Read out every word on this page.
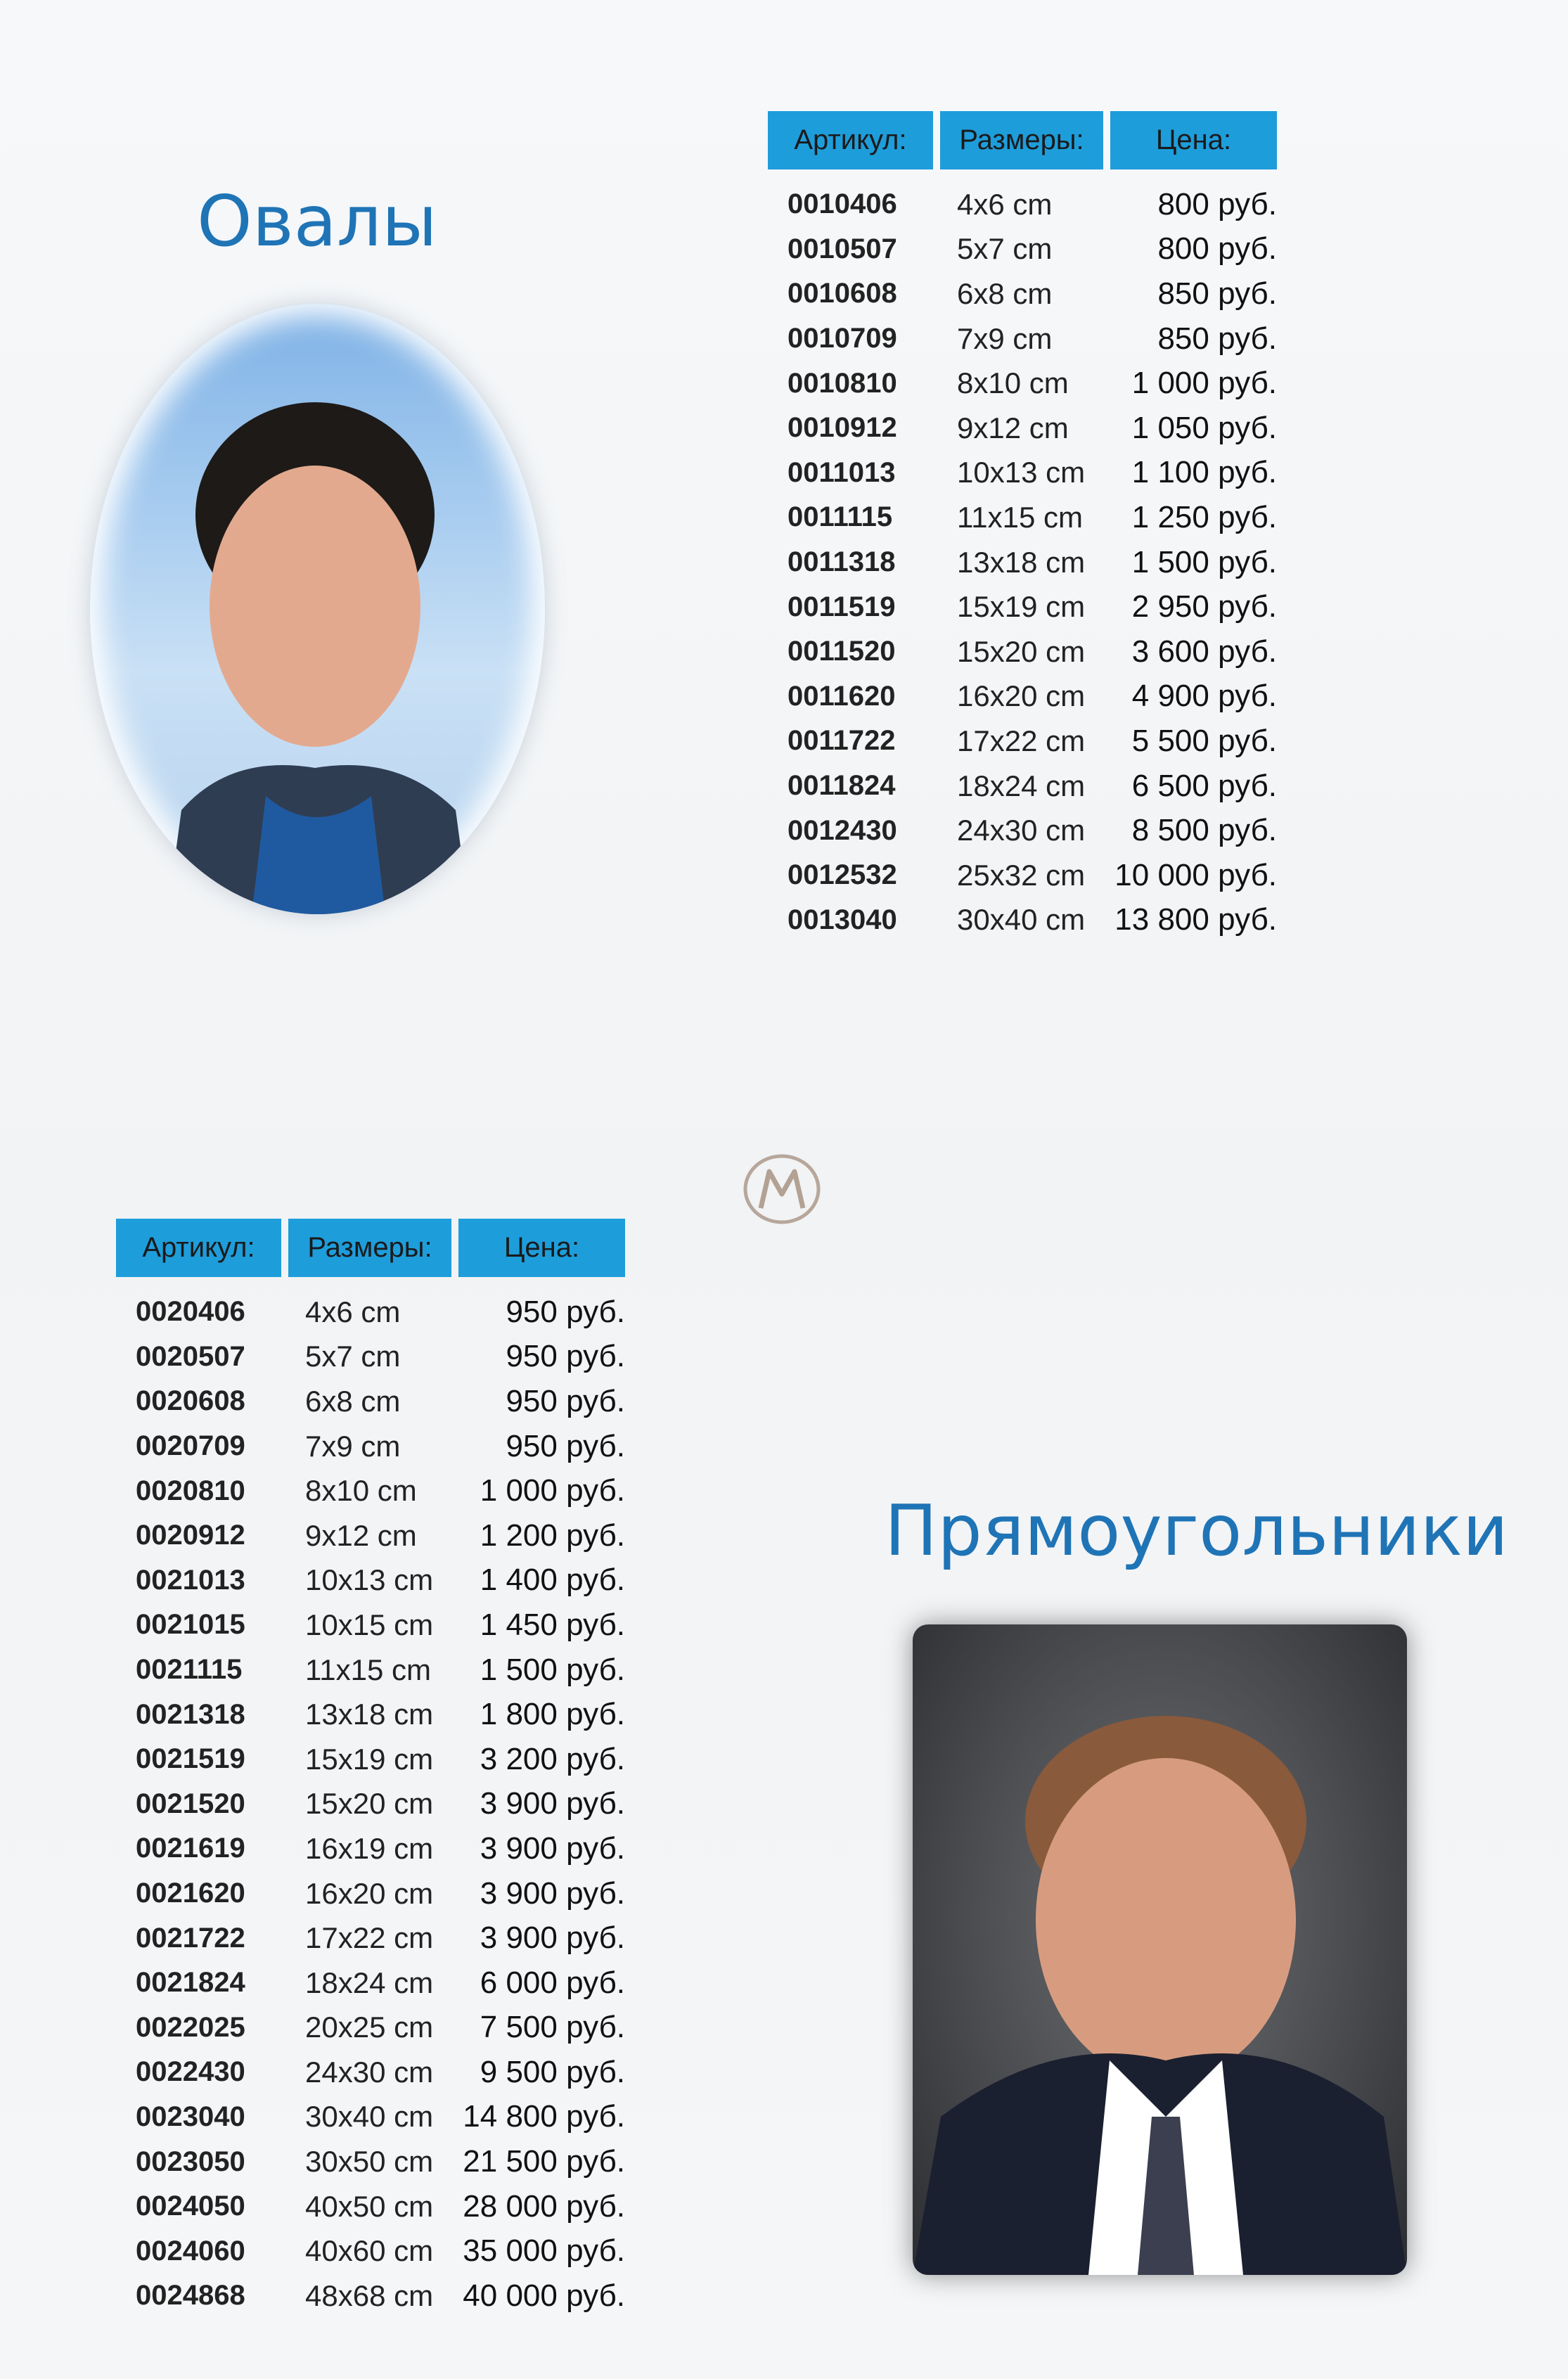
Овалы
Артикул:	Размеры:	Цена:
0010406	4x6 cm	800 руб.
0010507	5x7 cm	800 руб.
0010608	6x8 cm	850 руб.
0010709	7x9 cm	850 руб.
0010810	8x10 cm	1 000 руб.
0010912	9x12 cm	1 050 руб.
0011013	10x13 cm	1 100 руб.
0011115	11x15 cm	1 250 руб.
0011318	13x18 cm	1 500 руб.
0011519	15x19 cm	2 950 руб.
0011520	15x20 cm	3 600 руб.
0011620	16x20 cm	4 900 руб.
0011722	17x22 cm	5 500 руб.
0011824	18x24 cm	6 500 руб.
0012430	24x30 cm	8 500 руб.
0012532	25x32 cm 10 000 руб.
0013040	30x40 cm 13 800 руб.
Артикул:	Размеры:	Цена:
0020406	4x6 cm	950 руб.
0020507	5x7 cm	950 руб.
0020608	6x8 cm	950 руб.
0020709	7x9 cm	950 руб.
0020810	8x10 cm	1 000 руб.
0020912	9x12 cm	1 200 руб.
0021013	10x13 cm	1 400 руб.
0021015	10x15 cm	1 450 руб.
0021115	11x15 cm	1 500 руб.
0021318	13x18 cm	1 800 руб.
0021519	15x19 cm	3 200 руб.
0021520	15x20 cm	3 900 руб.
0021619	16x19 cm	3 900 руб.
0021620	16x20 cm	3 900 руб.
0021722	17x22 cm	3 900 руб.
0021824	18x24 cm	6 000 руб.
0022025	20x25 cm	7 500 руб.
0022430	24x30 cm	9 500 руб.
0023040	30x40 cm 14 800 руб.
0023050	30x50 cm 21 500 руб.
0024050	40x50 cm 28 000 руб.
0024060	40x60 cm 35 000 руб.
0024868	48x68 cm 40 000 руб.
Прямоугольники
